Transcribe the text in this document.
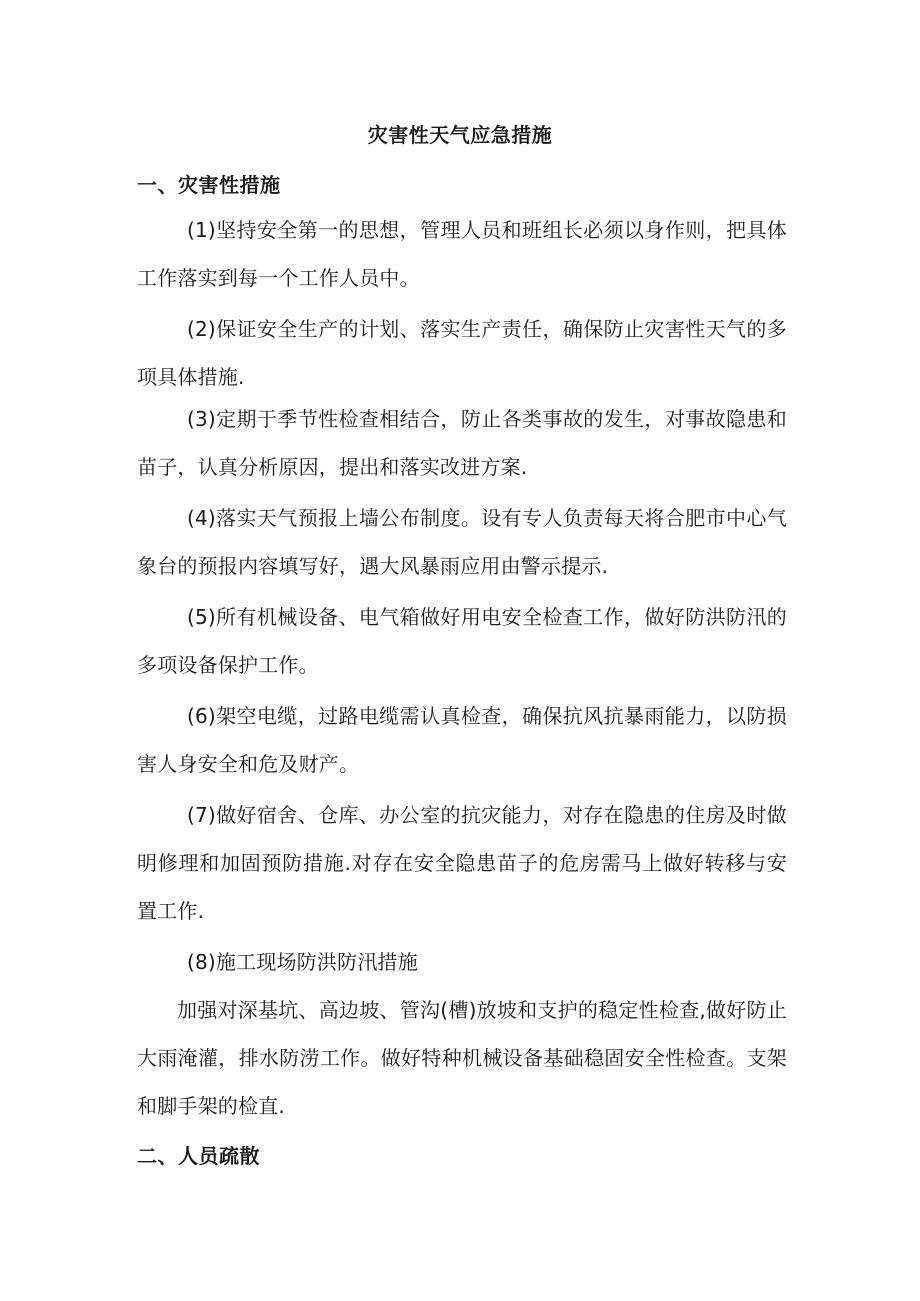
灾害性天气应急措施
一、灾害性措施
(1)坚持安全第一的思想，管理人员和班组长必须以身作则，把具体工作落实到每一个工作人员中。
(2)保证安全生产的计划、落实生产责任，确保防止灾害性天气的多项具体措施.
(3)定期于季节性检查相结合，防止各类事故的发生，对事故隐患和苗子，认真分析原因，提出和落实改进方案.
(4)落实天气预报上墙公布制度。设有专人负责每天将合肥市中心气象台的预报内容填写好，遇大风暴雨应用由警示提示.
(5)所有机械设备、电气箱做好用电安全检查工作，做好防洪防汛的多项设备保护工作。
(6)架空电缆，过路电缆需认真检查，确保抗风抗暴雨能力，以防损害人身安全和危及财产。
(7)做好宿舍、仓库、办公室的抗灾能力，对存在隐患的住房及时做明修理和加固预防措施.对存在安全隐患苗子的危房需马上做好转移与安置工作.
(8)施工现场防洪防汛措施
加强对深基坑、高边坡、管沟(槽)放坡和支护的稳定性检查,做好防止大雨淹灌，排水防涝工作。做好特种机械设备基础稳固安全性检查。支架和脚手架的检直.
二、人员疏散
